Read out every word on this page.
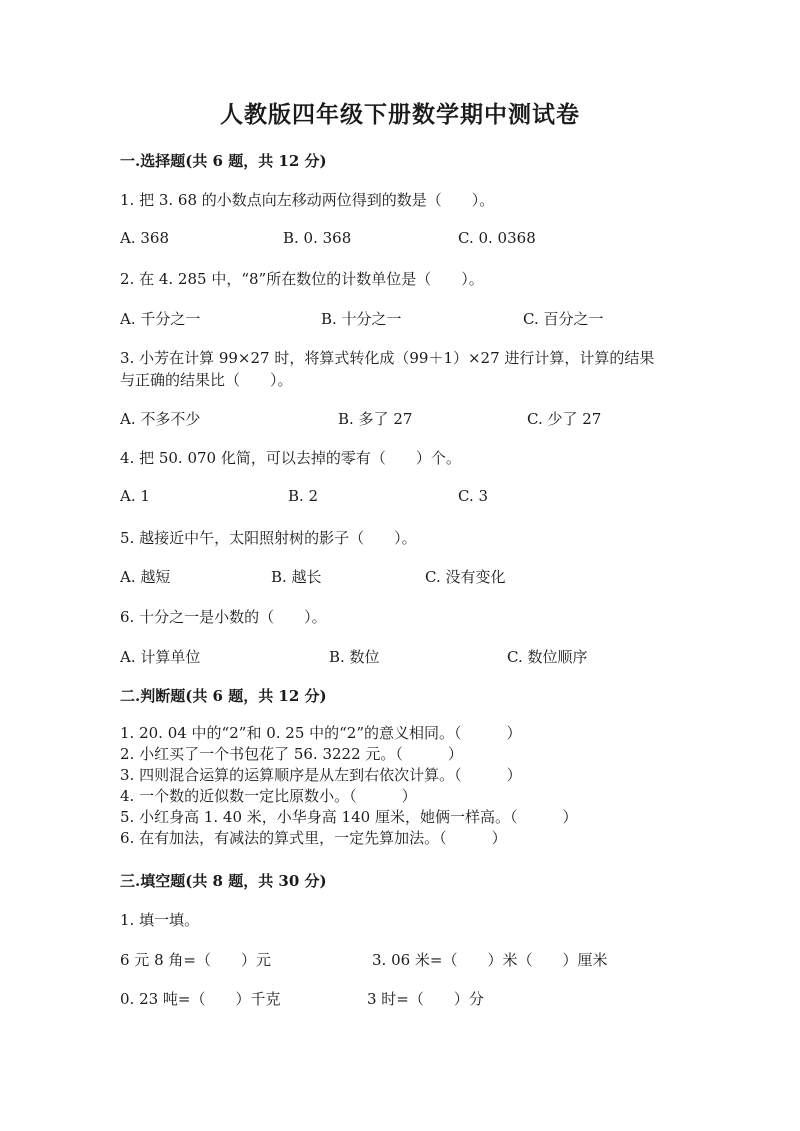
人教版四年级下册数学期中测试卷
一.选择题(共 6 题，共 12 分)
1. 把 3. 68 的小数点向左移动两位得到的数是（　　）。
A. 368	B. 0. 368	C. 0. 0368
2. 在 4. 285 中，“8”所在数位的计数单位是（　　）。
A. 千分之一	B. 十分之一	C. 百分之一
3. 小芳在计算 99×27 时，将算式转化成（99＋1）×27 进行计算，计算的结果
与正确的结果比（　　）。
A. 不多不少	B. 多了 27	C. 少了 27
4. 把 50. 070 化简，可以去掉的零有（　　）个。
A. 1	B. 2	C. 3
5. 越接近中午，太阳照射树的影子（　　）。
A. 越短	B. 越长	C. 没有变化
6. 十分之一是小数的（　　）。
A. 计算单位	B. 数位	C. 数位顺序
二.判断题(共 6 题，共 12 分)
1. 20. 04 中的“2”和 0. 25 中的“2”的意义相同。（　　　）
2. 小红买了一个书包花了 56. 3222 元。（　　　）
3. 四则混合运算的运算顺序是从左到右依次计算。（　　　）
4. 一个数的近似数一定比原数小。（　　　）
5. 小红身高 1. 40 米，小华身高 140 厘米，她俩一样高。（　　　）
6. 在有加法，有减法的算式里，一定先算加法。（　　　）
三.填空题(共 8 题，共 30 分)
1. 填一填。
6 元 8 角=（　　）元	3. 06 米=（　　）米（　　）厘米
0. 23 吨=（　　）千克	3 时=（　　）分
